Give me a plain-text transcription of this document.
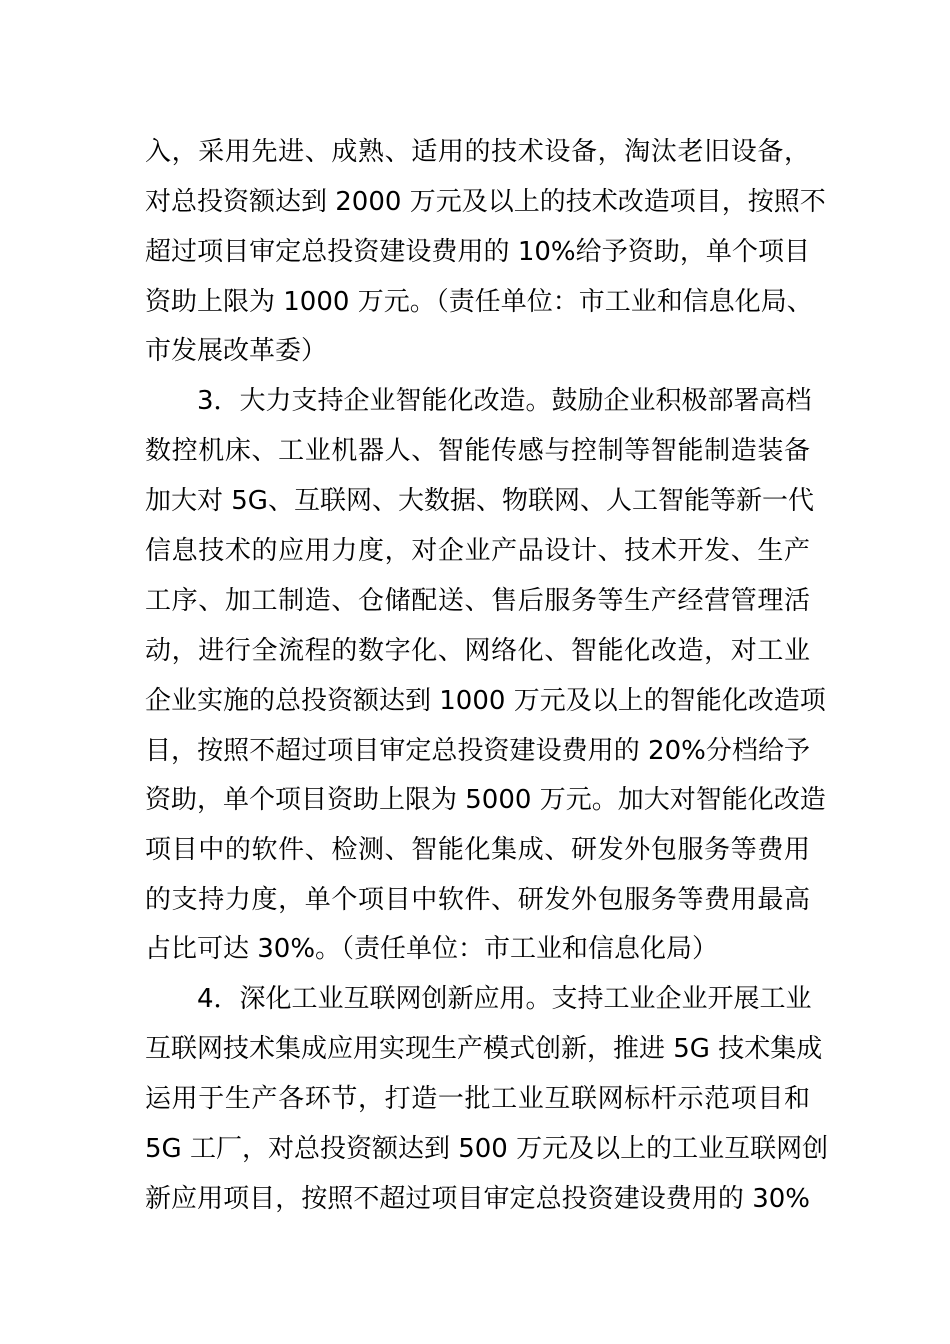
入，采用先进、成熟、适用的技术设备，淘汰老旧设备，
对总投资额达到 2000 万元及以上的技术改造项目，按照不
超过项目审定总投资建设费用的 10%给予资助，单个项目
资助上限为 1000 万元。（责任单位：市工业和信息化局、
市发展改革委）
3．大力支持企业智能化改造。鼓励企业积极部署高档
数控机床、工业机器人、智能传感与控制等智能制造装备
加大对 5G、互联网、大数据、物联网、人工智能等新一代
信息技术的应用力度，对企业产品设计、技术开发、生产
工序、加工制造、仓储配送、售后服务等生产经营管理活
动，进行全流程的数字化、网络化、智能化改造，对工业
企业实施的总投资额达到 1000 万元及以上的智能化改造项
目，按照不超过项目审定总投资建设费用的 20%分档给予
资助，单个项目资助上限为 5000 万元。加大对智能化改造
项目中的软件、检测、智能化集成、研发外包服务等费用
的支持力度，单个项目中软件、研发外包服务等费用最高
占比可达 30%。（责任单位：市工业和信息化局）
4．深化工业互联网创新应用。支持工业企业开展工业
互联网技术集成应用实现生产模式创新，推进 5G 技术集成
运用于生产各环节，打造一批工业互联网标杆示范项目和
5G 工厂，对总投资额达到 500 万元及以上的工业互联网创
新应用项目，按照不超过项目审定总投资建设费用的 30%
